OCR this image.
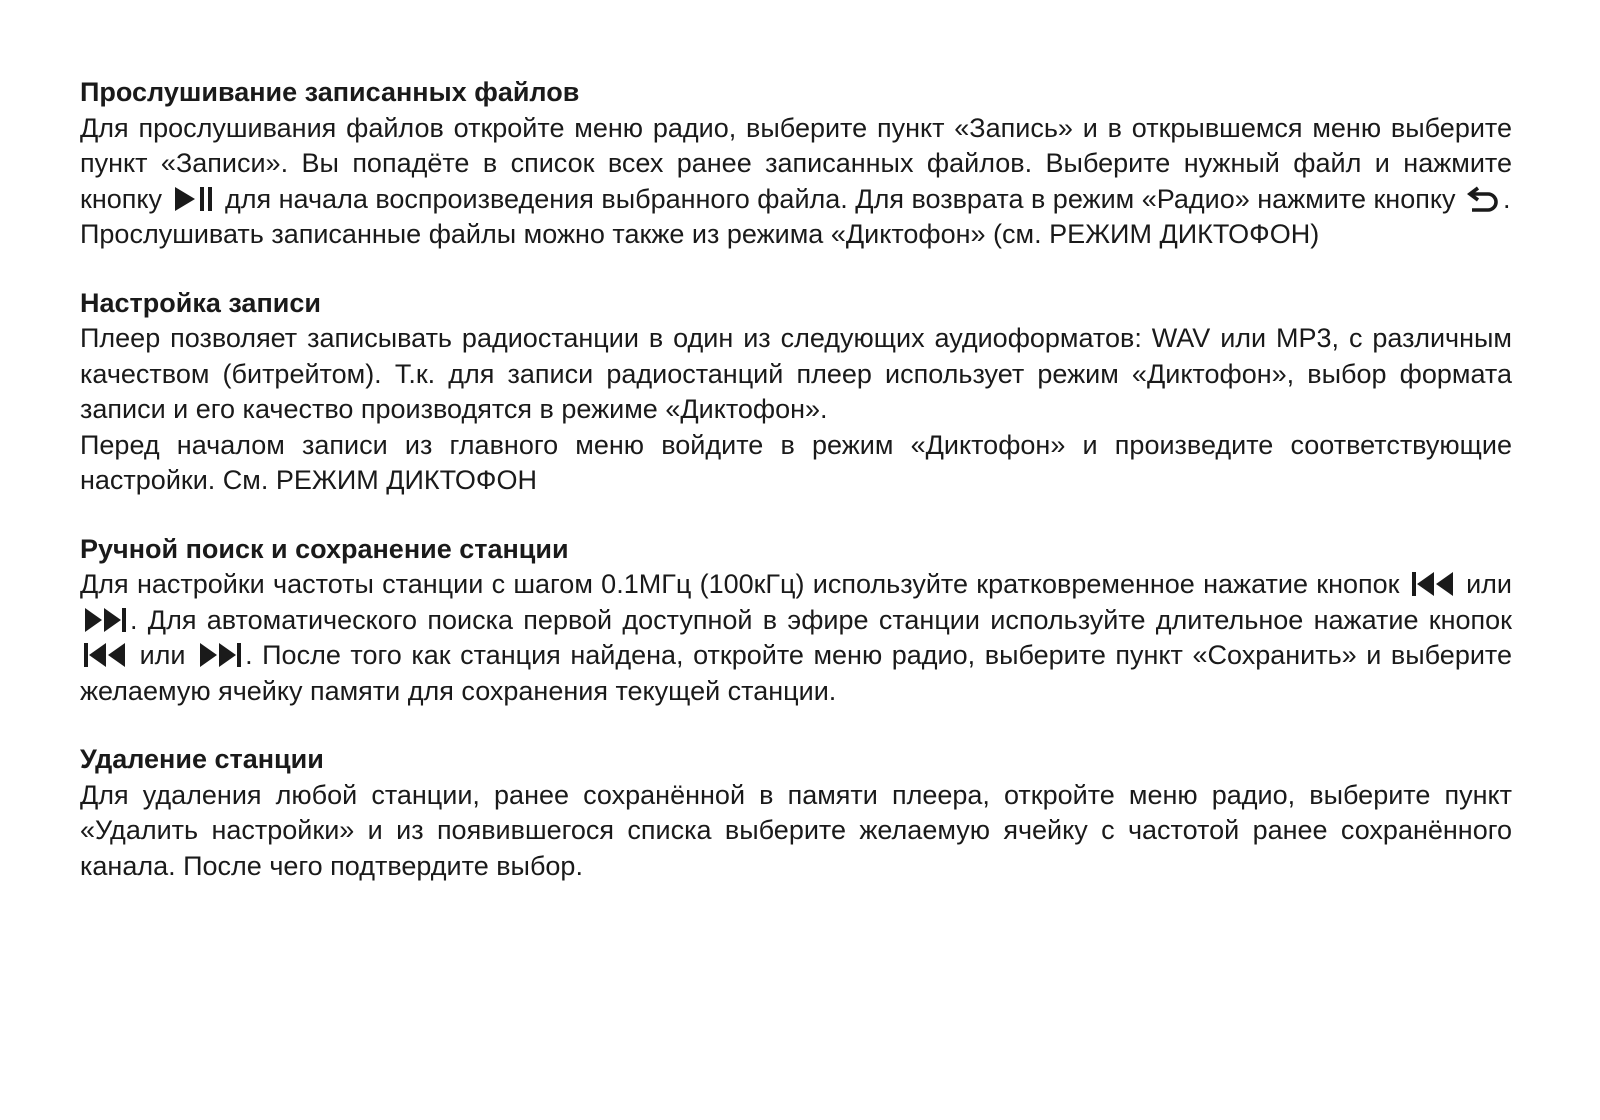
Прослушивание записанных файлов

Для прослушивания файлов откройте меню радио, выберите пункт «Запись» и в открывшемся меню выберите пункт «Записи». Вы попадёте в список всех ранее записанных файлов. Выберите нужный файл и нажмите кнопку для начала воспроизведения выбранного файла. Для возврата в режим «Радио» нажмите кнопку .

Прослушивать записанные файлы можно также из режима «Диктофон» (см. РЕЖИМ ДИКТОФОН)

Настройка записи

Плеер позволяет записывать радиостанции в один из следующих аудиоформатов: WAV или MP3, с различным качеством (битрейтом). Т.к. для записи радиостанций плеер использует режим «Диктофон», выбор формата записи и его качество производятся в режиме «Диктофон».

Перед началом записи из главного меню войдите в режим «Диктофон» и произведите соответствующие настройки. См. РЕЖИМ ДИКТОФОН

Ручной поиск и сохранение станции

Для настройки частоты станции с шагом 0.1МГц (100кГц) используйте кратковременное нажатие кнопок или
. Для автоматического поиска первой доступной в эфире станции используйте длительное нажатие кнопок
или . После того как станция найдена, откройте меню радио, выберите пункт «Сохранить» и выберите желаемую ячейку памяти для сохранения текущей станции.

Удаление станции

Для удаления любой станции, ранее сохранённой в памяти плеера, откройте меню радио, выберите пункт «Удалить настройки» и из появившегося списка выберите желаемую ячейку с частотой ранее сохранённого канала. После чего подтвердите выбор.
